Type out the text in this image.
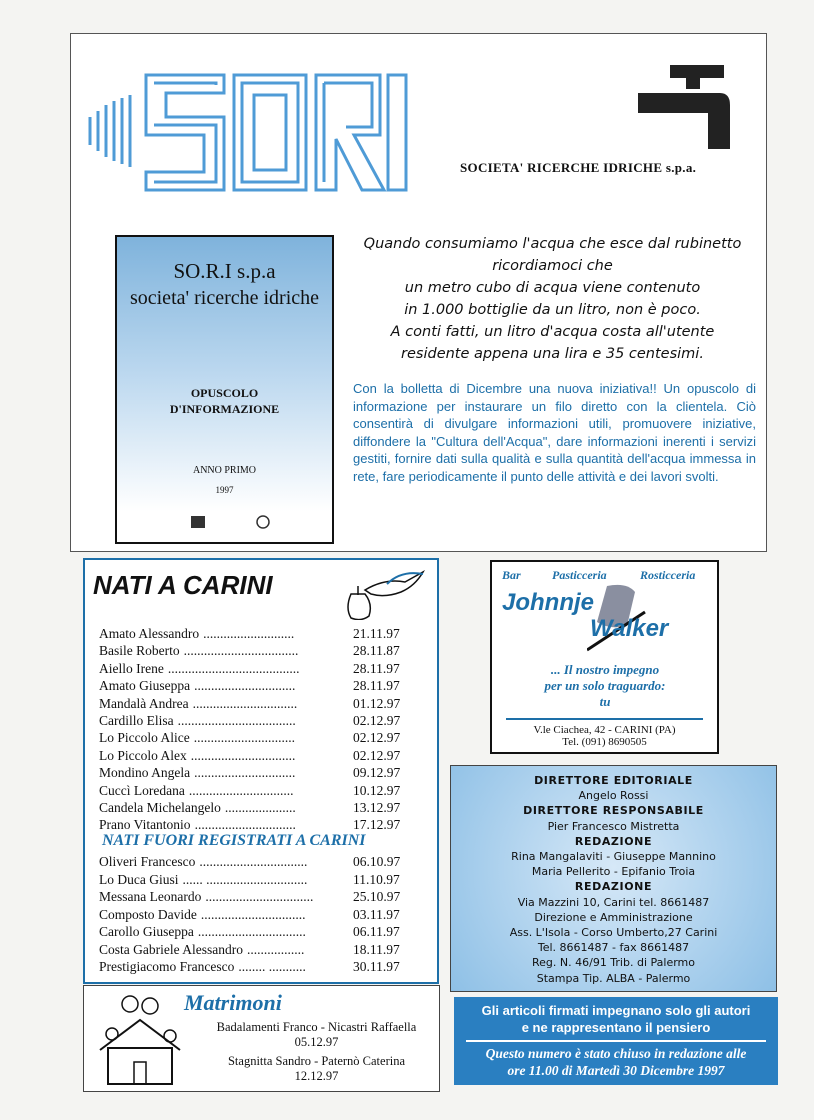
SOCIETA' RICERCHE IDRICHE s.p.a.
SO.R.I s.p.a
societa' ricerche idriche
OPUSCOLO
D'INFORMAZIONE
ANNO PRIMO
1997
Quando consumiamo l'acqua che esce dal rubinetto
ricordiamoci che
un metro cubo di acqua viene contenuto
in 1.000 bottiglie da un litro, non è poco.
A conti fatti, un litro d'acqua costa all'utente
residente appena una lira e 35 centesimi.
Con la bolletta di Dicembre una nuova iniziativa!! Un opuscolo di informazione per instaurare un filo diretto con la clientela. Ciò consentirà di divulgare informazioni utili, promuovere iniziative, diffondere la "Cultura dell'Acqua", dare informazioni inerenti i servizi gestiti, fornire dati sulla qualità e sulla quantità dell'acqua immessa in rete, fare periodicamente il punto delle attività e dei lavori svolti.
NATI A CARINI
Amato Alessandro ...........................	21.11.97
Basile Roberto ..................................	28.11.87
Aiello Irene .......................................	28.11.97
Amato Giuseppa ..............................	28.11.97
Mandalà Andrea ...............................	01.12.97
Cardillo Elisa ...................................	02.12.97
Lo Piccolo Alice ..............................	02.12.97
Lo Piccolo Alex ...............................	02.12.97
Mondino Angela ..............................	09.12.97
Cuccì Loredana ...............................	10.12.97
Candela Michelangelo .....................	13.12.97
Prano Vitantonio ..............................	17.12.97
NATI FUORI REGISTRATI A CARINI
Oliveri Francesco ................................	06.10.97
Lo Duca Giusi ...... ..............................	11.10.97
Messana Leonardo ................................	25.10.97
Composto Davide ...............................	03.11.97
Carollo Giuseppa ................................	06.11.97
Costa Gabriele Alessandro .................	18.11.97
Prestigiacomo Francesco ........ ...........	30.11.97
Bar	Pasticceria	Rosticceria
Johnnje
Walker
... Il nostro impegno
per un solo traguardo:
tu
V.le Ciachea, 42 - CARINI (PA)
Tel. (091) 8690505
DIRETTORE EDITORIALE
Angelo Rossi
DIRETTORE RESPONSABILE
Pier Francesco Mistretta
REDAZIONE
Rina Mangalaviti - Giuseppe Mannino
Maria Pellerito - Epifanio Troia
REDAZIONE
Via Mazzini 10, Carini tel. 8661487
Direzione e Amministrazione
Ass. L'Isola - Corso Umberto,27 Carini
Tel. 8661487 - fax 8661487
Reg. N. 46/91 Trib. di Palermo
Stampa Tip. ALBA - Palermo
Gli articoli firmati impegnano solo gli autori
e ne rappresentano il pensiero
Questo numero è stato chiuso in redazione alle
ore 11.00 di Martedì 30 Dicembre 1997
Matrimoni
Badalamenti Franco - Nicastri Raffaella
05.12.97
Stagnitta Sandro - Paternò Caterina
12.12.97
